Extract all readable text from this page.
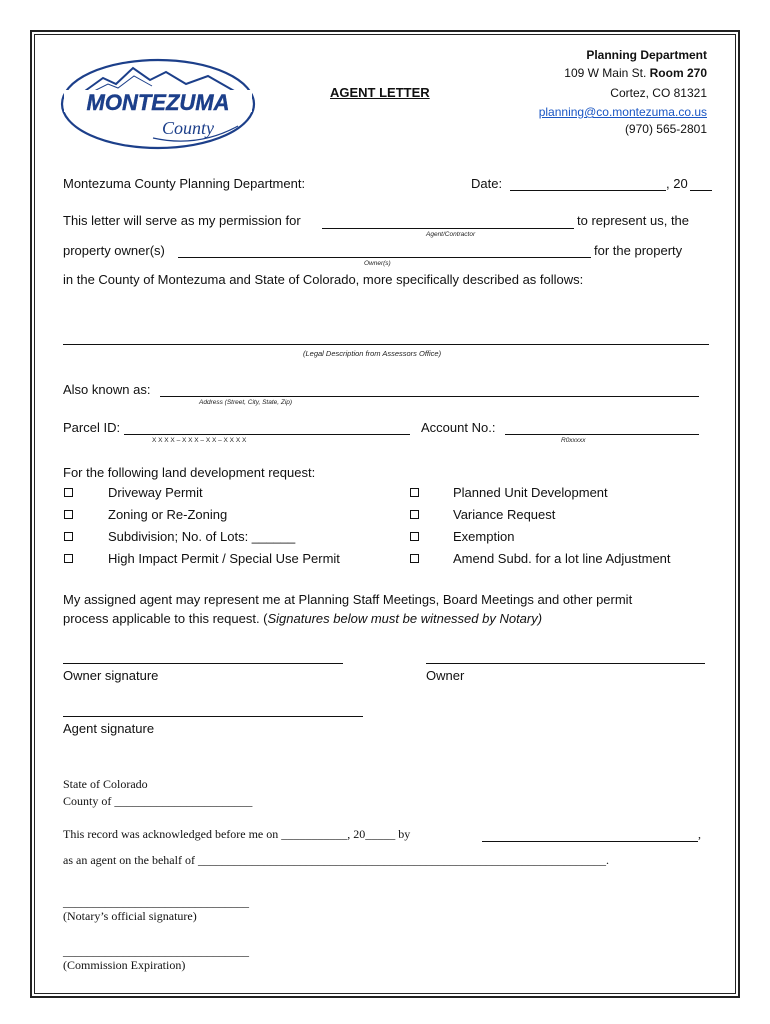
MONTEZUMA
County
AGENT LETTER
Planning Department
109 W Main St. Room 270
Cortez, CO 81321
planning@co.montezuma.co.us
(970) 565-2801
Montezuma County Planning Department:	Date:	, 20
This letter will serve as my permission for	to represent us, the
Agent/Contractor
property owner(s)	for the property
Owner(s)
in the County of Montezuma and State of Colorado, more specifically described as follows:
(Legal Description from Assessors Office)
Also known as:
Address (Street, City, State, Zip)
Parcel ID:
X X X X – X X X – X X – X X X X
Account No.:
R0xxxxx
For the following land development request:
Driveway Permit
Zoning or Re-Zoning
Subdivision; No. of Lots: ______
High Impact Permit / Special Use Permit
Planned Unit Development
Variance Request
Exemption
Amend Subd. for a lot line Adjustment
My assigned agent may represent me at Planning Staff Meetings, Board Meetings and other permit
process applicable to this request. (Signatures below must be witnessed by Notary)
Owner signature	Owner
Agent signature
State of Colorado
County of _______________________
This record was acknowledged before me on ___________, 20_____ by	,
as an agent on the behalf of ____________________________________________________________________.
_______________________________
(Notary’s official signature)
_______________________________
(Commission Expiration)
